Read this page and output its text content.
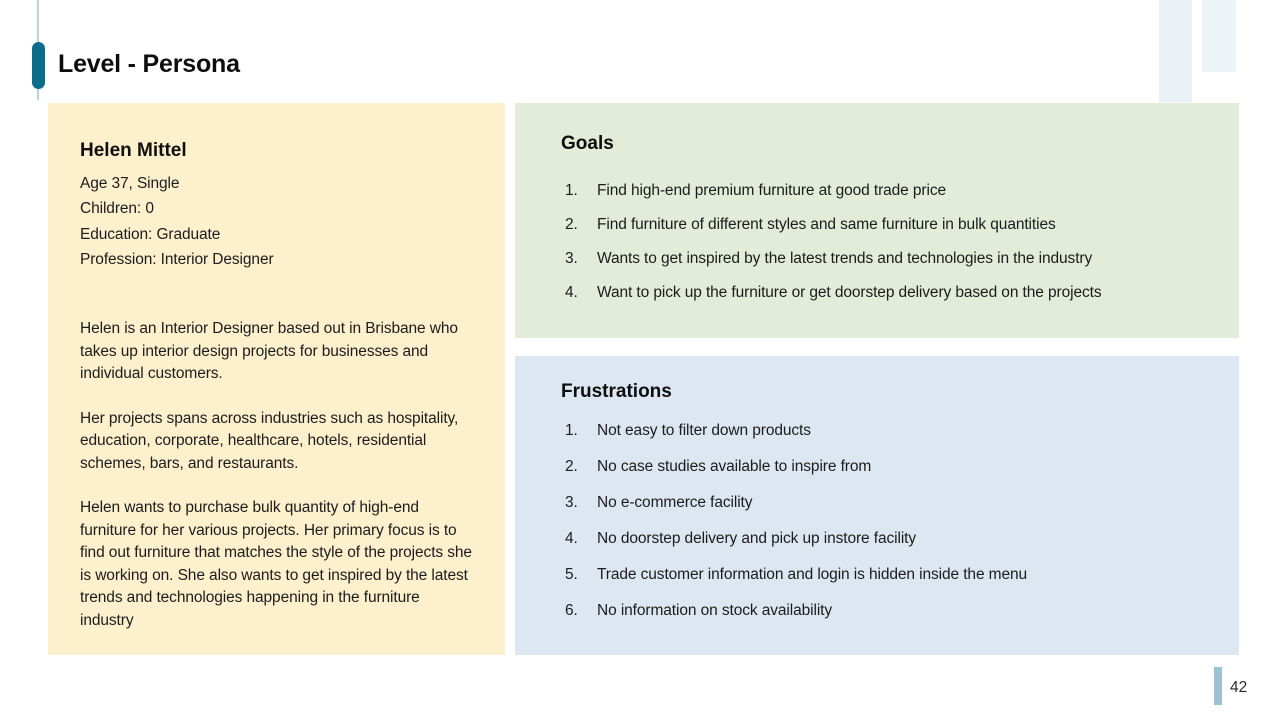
Level - Persona
Helen Mittel
Age 37, Single
Children: 0
Education: Graduate
Profession: Interior Designer

Helen is an Interior Designer based out in Brisbane who takes up interior design projects for businesses and individual customers.

Her projects spans across industries such as hospitality, education, corporate, healthcare, hotels, residential schemes, bars, and restaurants.

Helen wants to purchase bulk quantity of high-end furniture for her various projects. Her primary focus is to find out furniture that matches the style of the projects she is working on. She also wants to get inspired by the latest trends and technologies happening in the furniture industry

Goals
1.	Find high-end premium furniture at good trade price
2.	Find furniture of different styles and same furniture in bulk quantities
3.	Wants to get inspired by the latest trends and technologies in the industry
4.	Want to pick up the furniture or get doorstep delivery based on the projects
Frustrations
1.	Not easy to filter down products
2.	No case studies available to inspire from
3.	No e-commerce facility
4.	No doorstep delivery and pick up instore facility
5.	Trade customer information and login is hidden inside the menu
6.	No information on stock availability
42
